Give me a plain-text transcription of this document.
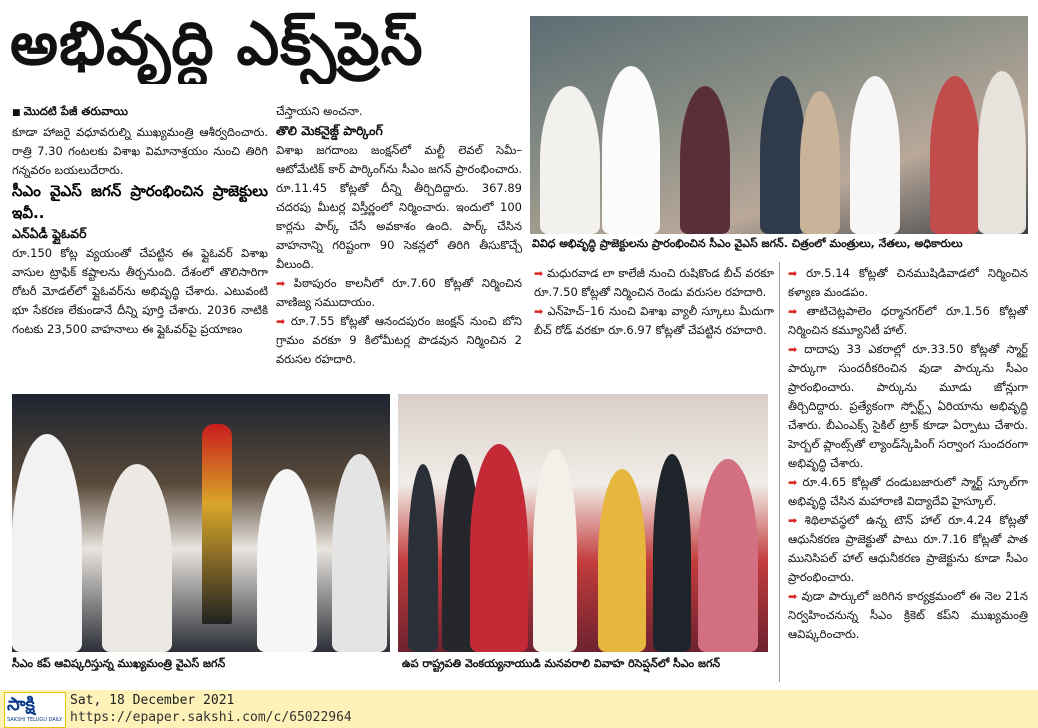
అభివృద్ధి ఎక్స్‌ప్రెస్

■ మొదటి పేజీ తరువాయి

కూడా హాజరై వధూవరుల్ని ముఖ్యమంత్రి ఆశీర్వదించారు. రాత్రి 7.30 గంటలకు విశాఖ విమానాశ్రయం నుంచి తిరిగి గన్నవరం బయలుదేరారు.

సీఎం వైఎస్ జగన్ ప్రారంభించిన ప్రాజెక్టులు ఇవీ..

ఎన్ఏడీ ఫ్లైఓవర్

రూ.150 కోట్ల వ్యయంతో చేపట్టిన ఈ ఫ్లైఓవర్ విశాఖ వాసుల ట్రాఫిక్ కష్టాలను తీర్చనుంది. దేశంలో తొలిసారిగా రోటరీ మోడల్‌లో ఫ్లైఓవర్‌ను అభివృద్ధి చేశారు. ఎటువంటి భూ సేకరణ లేకుండానే దీన్ని పూర్తి చేశారు. 2036 నాటికి గంటకు 23,500 వాహనాలు ఈ ఫ్లైఓవర్‌పై ప్రయాణం

చేస్తాయని అంచనా.

తొలి మెకనైజ్డ్ పార్కింగ్

విశాఖ జగదాంబ జంక్షన్‌లో మల్టీ లెవల్ సెమీ–ఆటోమేటిక్ కార్ పార్కింగ్‌ను సీఎం జగన్ ప్రారంభించారు. రూ.11.45 కోట్లతో దీన్ని తీర్చిదిద్దారు. 367.89 చదరపు మీటర్ల విస్తీర్ణంలో నిర్మించారు. ఇందులో 100 కార్లను పార్క్ చేసే అవకాశం ఉంది. పార్క్ చేసిన వాహనాన్ని గరిష్టంగా 90 సెకన్లలో తిరిగి తీసుకొచ్చే వీలుంది.

➡ పిఠాపురం కాలనీలో రూ.7.60 కోట్లతో నిర్మించిన వాణిజ్య సముదాయం.

➡ రూ.7.55 కోట్లతో ఆనందపురం జంక్షన్ నుంచి బోని గ్రామం వరకూ 9 కిలోమీటర్ల పొడవున నిర్మించిన 2 వరుసల రహదారి.

వివిధ అభివృద్ధి ప్రాజెక్టులను ప్రారంభించిన సీఎం వైఎస్ జగన్. చిత్రంలో మంత్రులు, నేతలు, అధికారులు

➡ మధురవాడ లా కాలేజీ నుంచి రుషికొండ బీచ్ వరకూ రూ.7.50 కోట్లతో నిర్మించిన రెండు వరుసల రహదారి.

➡ ఎన్‌హెచ్–16 నుంచి విశాఖ వ్యాలీ స్కూలు మీదుగా బీచ్ రోడ్ వరకూ రూ.6.97 కోట్లతో చేపట్టిన రహదారి.

➡ రూ.5.14 కోట్లతో చినముషిడివాడలో నిర్మించిన కళ్యాణ మండపం.

➡ తాటిచెట్లపాలెం ధర్మానగర్‌లో రూ.1.56 కోట్లతో నిర్మించిన కమ్యూనిటీ హాల్.

➡ దాదాపు 33 ఎకరాల్లో రూ.33.50 కోట్లతో స్మార్ట్ పార్కుగా సుందరీకరించిన వుడా పార్కును సీఎం ప్రారంభించారు. పార్కును మూడు జోన్లుగా తీర్చిదిద్దారు. ప్రత్యేకంగా స్పోర్ట్స్ ఏరియాను అభివృద్ధి చేశారు. బీఎంఎక్స్ సైకిల్ ట్రాక్ కూడా ఏర్పాటు చేశారు. హెర్బల్ ప్లాంట్స్‌తో ల్యాండ్‌స్కేపింగ్ సర్వాంగ సుందరంగా అభివృద్ధి చేశారు.

➡ రూ.4.65 కోట్లతో దండుబజారులో స్మార్ట్ స్కూల్‌గా అభివృద్ధి చేసిన మహారాణి విద్యాదేవి హైస్కూల్.

➡ శిథిలావస్థలో ఉన్న టౌన్ హాల్ రూ.4.24 కోట్లతో ఆధునీకరణ ప్రాజెక్టుతో పాటు రూ.7.16 కోట్లతో పాత మునిసిపల్ హాల్ ఆధునీకరణ ప్రాజెక్టును కూడా సీఎం ప్రారంభించారు.

➡ వుడా పార్కులో జరిగిన కార్యక్రమంలో ఈ నెల 21న నిర్వహించనున్న సీఎం క్రికెట్ కప్‌ని ముఖ్యమంత్రి ఆవిష్కరించారు.

సీఎం కప్ ఆవిష్కరిస్తున్న ముఖ్యమంత్రి వైఎస్ జగన్	ఉప రాష్ట్రపతి వెంకయ్యనాయుడి మనవరాలి వివాహ రిసెప్షన్‌లో సీఎం జగన్
సాక్షి
SAKSHI TELUGU DAILY
Sat, 18 December 2021
https://epaper.sakshi.com/c/65022964
